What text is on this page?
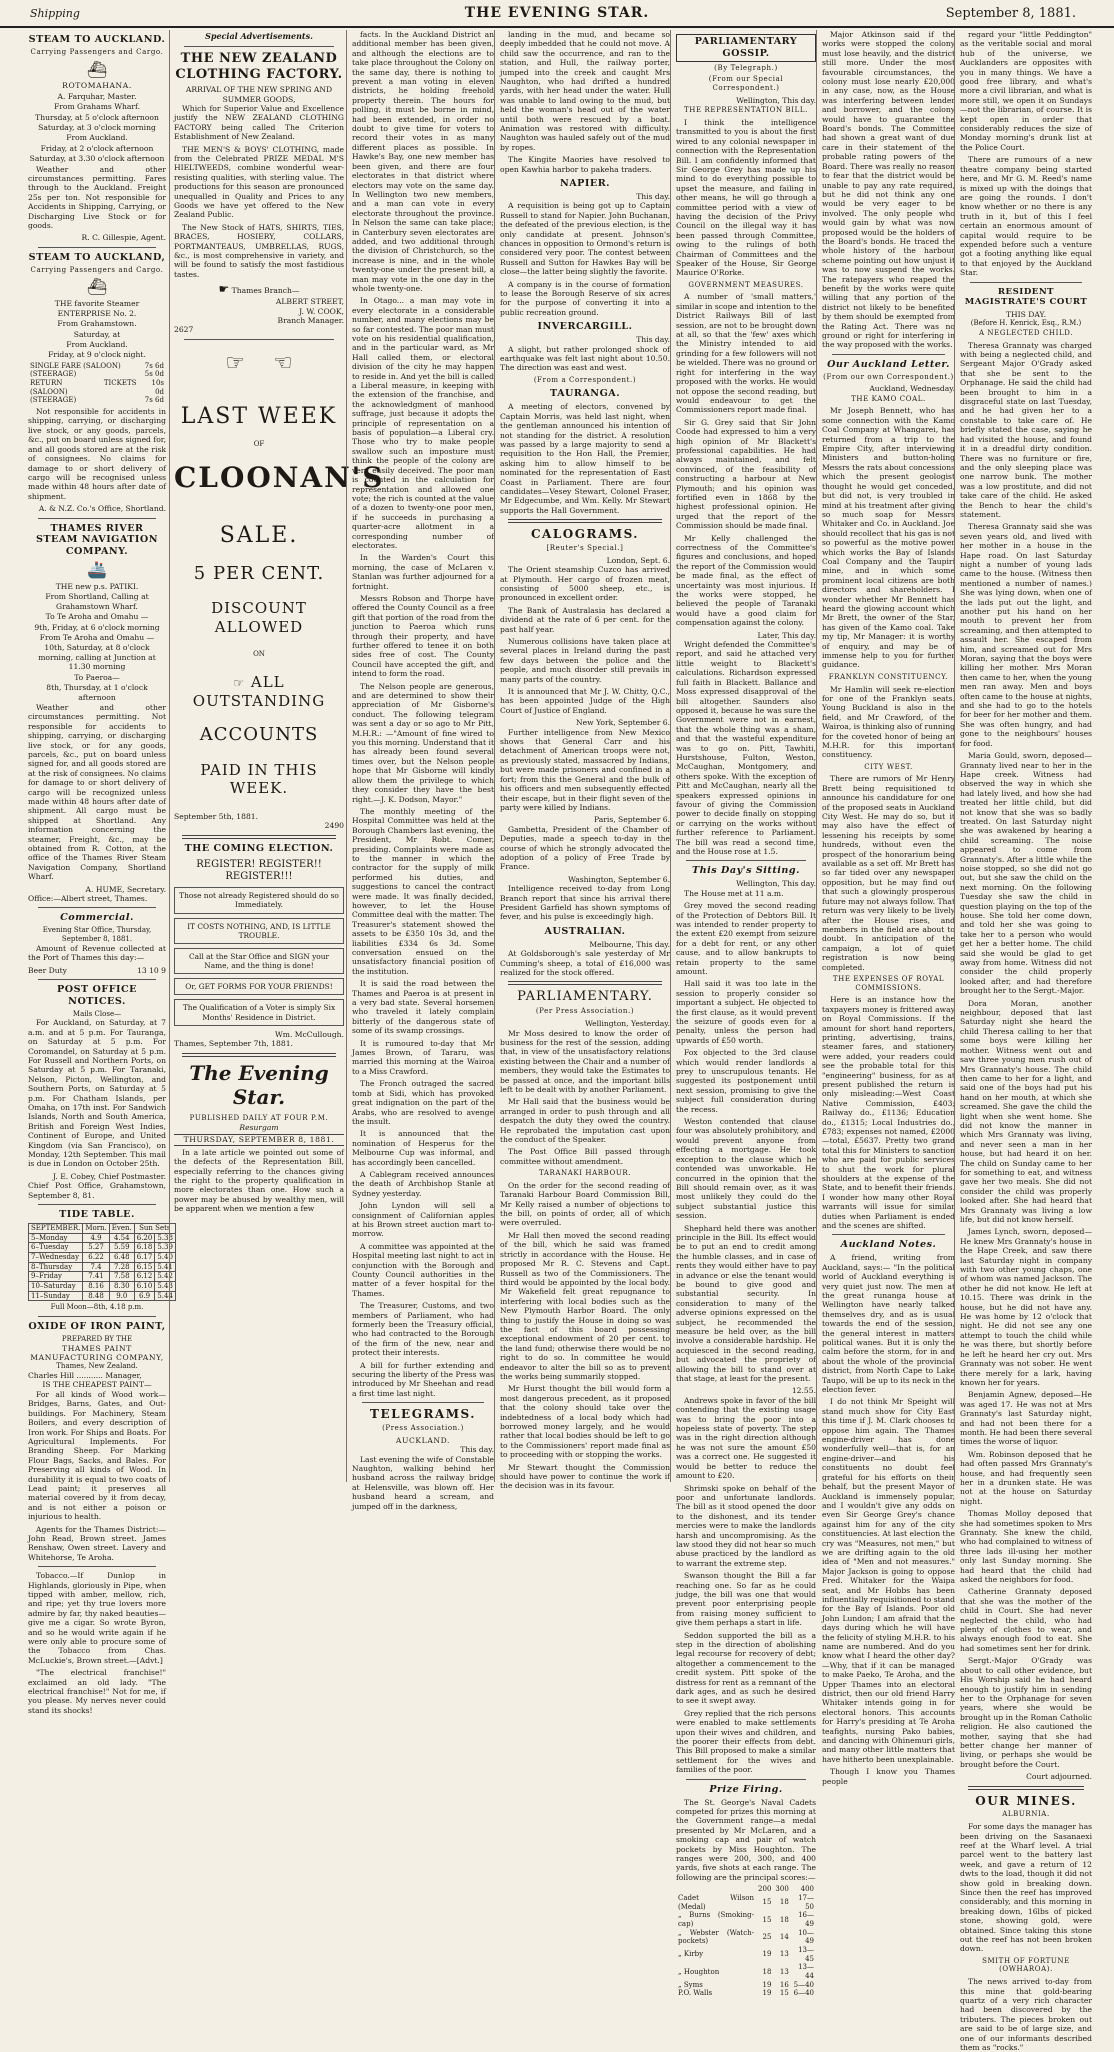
Shipping	THE EVENING STAR.	September 8, 1881.
STEAM TO AUCKLAND.
Carrying Passengers and Cargo.
⛴
ROTOMAHANA.
A. Farquhar, Master.
From Grahams Wharf.
Thursday, at 5 o'clock afternoon
Saturday, at 3 o'clock morning
From Auckland.
Friday, at 2 o'clock afternoon
Saturday, at 3.30 o'clock afternoon

Weather and other circumstances permitting. Fares through to the Auckland. Freight 25s per ton. Not responsible for Accidents in Shipping, Carrying, or Discharging Live Stock or for goods.

R. C. Gillespie, Agent.
STEAM TO AUCKLAND,
Carrying Passengers and Cargo.
⛴
THE favorite Steamer ENTERPRISE No. 2.
From Grahamstown.
Saturday, at
From Auckland.
Friday, at 9 o'clock night.
SINGLE FARE (SALOON)	7s 6d
(STEERAGE)	5s 0d
RETURN TICKETS (SALOON)	10s 0d
(STEERAGE)	7s 6d

Not responsible for accidents in shipping, carrying, or discharging live stock, or any goods, parcels, &c., put on board unless signed for, and all goods stored are at the risk of consignees. No claims for damage to or short delivery of cargo will be recognised unless made within 48 hours after date of shipment.

A. & N.Z. Co.'s Office, Shortland.
THAMES RIVER STEAM NAVIGATION COMPANY.
🚢
THE new p.s. PATIKI.
From Shortland, Calling at Grahamstown Wharf.
To Te Aroha and Omahu —
9th, Friday, at 6 o'clock morning
From Te Aroha and Omahu —
10th, Saturday, at 8 o'clock morning, calling at Junction at 11.30 morning
To Paeroa—
8th, Thursday, at 1 o'clock afternoon

Weather and other circumstances permitting. Not responsible for accidents to shipping, carrying, or discharging live stock, or for any goods, parcels, &c., put on board unless signed for, and all goods stored are at the risk of consignees. No claims for damage to or short delivery of cargo will be recognized unless made within 48 hours after date of shipment. All cargo must be shipped at Shortland. Any information concerning the steamer, Freight, &c., may be obtained from R. Cotton, at the office of the Thames River Steam Navigation Company, Shortland Wharf.

A. HUME, Secretary.
Office:—Albert street, Thames.
Commercial.
Evening Star Office, Thursday, September 8, 1881.

Amount of Revenue collected at the Port of Thames this day:—

Beer Duty	13 10 9
POST OFFICE NOTICES.
Mails Close—

For Auckland, on Saturday, at 7 a.m. and at 5 p.m. For Tauranga, on Saturday at 5 p.m. For Coromandel, on Saturday at 5 p.m. For Russell and Northern Ports, on Saturday at 5 p.m. For Taranaki, Nelson, Picton, Wellington, and Southern Ports, on Saturday at 5 p.m. For Chatham Islands, per Omaha, on 17th inst. For Sandwich Islands, North and South America, British and Foreign West Indies, Continent of Europe, and United Kingdom (via San Francisco), on Monday, 12th September. This mail is due in London on October 25th.

J. E. Cobey, Chief Postmaster.
Chief Post Office, Grahamstown, September 8, 81.
TIDE TABLE.
SEPTEMBER.	Morn.	Even.	Sun Sets	
5–Monday	4.9	4.54	6.20	5.38
6–Tuesday	5.27	5.59	6.18	5.39
7–Wednesday	6.22	6.48	6.17	5.40
8–Thursday	7.4	7.28	6.15	5.41
9–Friday	7.41	7.58	6.12	5.42
10–Saturday	8.16	8.30	6.10	5.43
11–Sunday	8.48	9.0	6.9	5.44
Full Moon—8th, 4.18 p.m.
OXIDE OF IRON PAINT,
PREPARED BY THE
THAMES PAINT MANUFACTURING COMPANY,
Thames, New Zealand.
Charles Hill ........... Manager,
IS THE CHEAPEST PAINT—

For all kinds of Wood work—Bridges, Barns, Gates, and Out-buildings. For Machinery, Steam Boilers, and every description of Iron work. For Ships and Boats. For Agricultural Implements. For Branding Sheep. For Marking Flour Bags, Sacks, and Bales. For Preserving all kinds of Wood. In durability it is equal to two coats of Lead paint; it preserves all material covered by it from decay, and is not either a poison or injurious to health.

Agents for the Thames District:— John Read, Brown street. James Renshaw, Owen street. Lavery and Whitehorse, Te Aroha.

Tobacco.—If Dunlop in Highlands, gloriously in Pipe, when tipped with amber, mellow, rich, and ripe; yet thy true lovers more admire by far, thy naked beauties—give me a cigar. So wrote Byron, and so he would write again if he were only able to procure some of the Tobacco from Chas. McLuckie's, Brown street.—[Advt.]

"The electrical franchise!" exclaimed an old lady. "The electrical franchise!" Not for me, if you please. My nerves never could stand its shocks!

Special Advertisements.
THE NEW ZEALAND CLOTHING FACTORY.
ARRIVAL OF THE NEW SPRING AND SUMMER GOODS,

Which for Superior Value and Excellence justify the NEW ZEALAND CLOTHING FACTORY being called The Criterion Establishment of New Zealand.

THE MEN'S & BOYS' CLOTHING, made from the Celebrated PRIZE MEDAL M'S HIELTWEEDS, combine wonderful wear-resisting qualities, with sterling value. The productions for this season are pronounced unequalled in Quality and Prices to any Goods we have yet offered to the New Zealand Public.

The New Stock of HATS, SHIRTS, TIES, BRACES, HOSIERY, COLLARS, PORTMANTEAUS, UMBRELLAS, RUGS, &c., is most comprehensive in variety, and will be found to satisfy the most fastidious tastes.

☛ Thames Branch—
ALBERT STREET,
J. W. COOK,
Branch Manager.
2627
☞    ☜
LAST WEEK
OF
CLOONAN'S
SALE.
5 PER CENT.
DISCOUNT ALLOWED
ON
☞ ALL OUTSTANDING
ACCOUNTS
PAID IN THIS WEEK.
September 5th, 1881.
2490
THE COMING ELECTION.
REGISTER! REGISTER!! REGISTER!!!
Those not already Registered should do so Immediately.
IT COSTS NOTHING, AND, IS LITTLE TROUBLE.
Call at the Star Office and SIGN your Name, and the thing is done!
Or, GET FORMS FOR YOUR FRIENDS!
The Qualification of a Voter is simply Six Months' Residence in District.
Wm. McCullough.
Thames, September 7th, 1881.
The Evening Star.
PUBLISHED DAILY AT FOUR P.M.
Resurgam
THURSDAY, SEPTEMBER 8, 1881.

In a late article we pointed out some of the defects of the Representation Bill, especially referring to the chances giving the right to the property qualification in more electorates than one. How such a power may be abused by wealthy men, will be apparent when we mention a few

facts. In the Auckland District an additional member has been given, and although the elections are to take place throughout the Colony on the same day, there is nothing to prevent a man voting in eleven districts, he holding freehold property therein. The hours for polling, it must be borne in mind, had been extended, in order no doubt to give time for voters to record their votes in as many different places as possible. In Hawke's Bay, one new member has been given, and there are four electorates in that district where electors may vote on the same day. In Wellington two new members, and a man can vote in every electorate throughout the province. In Nelson the same can take place; in Canterbury seven electorates are added, and two additional through the division of Christchurch, so the increase is nine, and in the whole twenty-one under the present bill, a man may vote in the one day in the whole twenty-one.

In Otago... a man may vote in every electorate in a considerable number, and many elections may be so far contested. The poor man must vote on his residential qualification, and in the particular ward, as Mr Hall called them, or electoral division of the city he may happen to reside in. And yet the bill is called a Liberal measure, in keeping with the extension of the franchise, and the acknowledgment of manhood suffrage, just because it adopts the principle of representation on a basis of population—a Liberal cry. Those who try to make people swallow such an imposture must think the people of the colony are very easily deceived. The poor man is counted in the calculation for representation and allowed one vote; the rich is counted at the value of a dozen to twenty-one poor men, if he succeeds in purchasing a quarter-acre allotment in a corresponding number of electorates.

In the Warden's Court this morning, the case of McLaren v. Stanlan was further adjourned for a fortnight.

Messrs Robson and Thorpe have offered the County Council as a free gift that portion of the road from the junction to Paeroa which runs through their property, and have further offered to tenee it on both sides free of cost. The County Council have accepted the gift, and intend to form the road.

The Nelson people are generous, and are determined to show their appreciation of Mr Gisborne's conduct. The following telegram was sent a day or so ago to Mr Pitt, M.H.R.: —"Amount of fine wired to you this morning. Understand that it has already been found several times over, but the Nelson people hope that Mr Gisborne will kindly allow them the privilege to which they consider they have the best right.—J. K. Dodson, Mayor."

The monthly meeting of the Hospital Committee was held at the Borough Chambers last evening, the President, Mr Robt. Comer, presiding. Complaints were made as to the manner in which the contractor for the supply of milk performed his duties, and suggestions to cancel the contract were made. It was finally decided, however, to let the House Committee deal with the matter. The Treasurer's statement showed the assets to be £350 10s 3d, and the liabilities £334 6s 3d. Some conversation ensued on the unsatisfactory financial position of the institution.

It is said the road between the Thames and Paeroa is at present in a very bad state. Several horsemen who traveled it lately complain bitterly of the dangerous state of some of its swamp crossings.

It is rumoured to-day that Mr James Brown, of Tararu, was married this morning at the Wairoa to a Miss Crawford.

The Fronch outraged the sacred tomb at Sidi, which has provoked great indignation on the part of the Arabs, who are resolved to avenge the insult.

It is announced that the nomination of Hesperus for the Melbourne Cup was informal, and has accordingly been cancelled.

A Cablegram received announces the death of Archbishop Stanle at Sydney yesterday.

John Lyndon will sell a consignment of Californian apples at his Brown street auction mart to-morrow.

A committee was appointed at the Hospital meeting last night to act in conjunction with the Borough and County Council authorities in the matter of a fever hospital for the Thames.

The Treasurer, Customs, and two members of Parliament, who had formerly been the Treasury official, who had contracted to the Borough of the firm of the new, near and protect their interests.

A bill for further extending and securing the liberty of the Press was introduced by Mr Sheehan and read a first time last night.

TELEGRAMS.
(Press Association.)
AUCKLAND.
This day.

Last evening the wife of Constable Naughton, walking behind her husband across the railway bridge at Helensville, was blown off. Her husband heard a scream, and jumped off in the darkness,

landing in the mud, and became so deeply imbedded that he could not move. A child saw the occurrence, and ran to the station, and Hull, the railway porter, jumped into the creek and caught Mrs Naughton, who had drifted a hundred yards, with her head under the water. Hull was unable to land owing to the mud, but held the woman's head out of the water until both were rescued by a boat. Animation was restored with difficulty. Naughton was hauled safely out of the mud by ropes.

The Kingite Maories have resolved to open Kawhia harbor to pakeha traders.

NAPIER.
This day.

A requisition is being got up to Captain Russell to stand for Napier. John Buchanan, the defeated of the previous election, is the only candidate at present. Johnson's chances in opposition to Ormond's return is considered very poor. The contest between Russell and Sutton for Hawkes Bay will be close—the latter being slightly the favorite.

A company is in the course of formation to lease the Borough Reserve of six acres for the purpose of converting it into a public recreation ground.

INVERCARGILL.
This day.

A slight, but rather prolonged shock of earthquake was felt last night about 10.50. The direction was east and west.

(From a Correspondent.)
TAURANGA.

A meeting of electors, convened by Captain Morris, was held last night, when the gentleman announced his intention of not standing for the district. A resolution was passed by a large majority to send a requisition to the Hon Hall, the Premier, asking him to allow himself to be nominated for the representation of East Coast in Parliament. There are four candidates—Vesey Stewart, Colonel Fraser, Mr Edgecumbe, and Wm. Kelly. Mr Stewart supports the Hall Government.

CALOGRAMS.
[Reuter's Special.]
London, Sept. 6.

The Orient steamship Cuzco has arrived at Plymouth. Her cargo of frozen meat, consisting of 5000 sheep, etc., is pronounced in excellent order.

The Bank of Australasia has declared a dividend at the rate of 6 per cent. for the past half year.

Numerous collisions have taken place at several places in Ireland during the past few days between the police and the people, and much disorder still prevails in many parts of the country.

It is announced that Mr J. W. Chitty, Q.C., has been appointed Judge of the High Court of Justice of England.

New York, September 6.

Further intelligence from New Mexico shows that General Carr and his detachment of American troops were not, as previously stated, massacred by Indians, but were made prisoners and confined in a fort; from this the General and the bulk of his officers and men subsequently effected their escape, but in their flight seven of the party were killed by Indians.

Paris, September 6.

Gambetta, President of the Chamber of Deputies, made a speech to-day in the course of which he strongly advocated the adoption of a policy of Free Trade by France.

Washington, September 6.

Intelligence received to-day from Long Branch report that since his arrival there President Garfield has shown symptoms of fever, and his pulse is exceedingly high.

AUSTRALIAN.
Melbourne, This day.

At Goldsborough's sale yesterday of Mr Cumming's sheep, a total of £16,000 was realized for the stock offered.

PARLIAMENTARY.
(Per Press Association.)
Wellington, Yesterday.

Mr Moss desired to know the order of business for the rest of the session, adding that, in view of the unsatisfactory relations existing between the Chair and a number of members, they would take the Estimates to be passed at once, and the important bills left to be dealt with by another Parliament.

Mr Hall said that the business would be arranged in order to push through and all despatch the duty they owed the country. He reprobated the imputation cast upon the conduct of the Speaker.

The Post Office Bill passed through committee without amendment.

TARANAKI HARBOUR.

On the order for the second reading of Taranaki Harbour Board Commission Bill, Mr Kelly raised a number of objections to the bill, on points of order, all of which were overruled.

Mr Hall then moved the second reading of the bill, which he said was framed strictly in accordance with the House. He proposed Mr R. C. Stevens and Capt. Russell as two of the Commissioners. The third would be appointed by the local body. Mr Wakefield felt great repugnance to interfering with local bodies such as the New Plymouth Harbor Board. The only thing to justify the House in doing so was the fact of this board possessing exceptional endowment of 20 per cent. to the land fund; otherwise there would be no right to do so. In committee he would endeavor to alter the bill so as to prevent the works being summarily stopped.

Mr Hurst thought the bill would form a most dangerous precedent, as it proposed that the colony should take over the indebtedness of a local body which had borrowed money largely, and he would rather that local bodies should be left to go to the Commissioners' report made final as to proceeding with or stopping the works.

Mr Stewart thought the Commission should have power to continue the work if the decision was in its favour.

PARLIAMENTARY GOSSIP.
(By Telegraph.)
(From our Special Correspondent.)
Wellington, This day.
THE REPRESENTATION BILL.

I think the intelligence transmitted to you is about the first wired to any colonial newspaper in connection with the Representation Bill. I am confidently informed that Sir George Grey has made up his mind to do everything possible to upset the measure, and failing in other means, he will go through a committee period with a view of having the decision of the Privy Council on the illegal way it has been passed through Committee, owing to the rulings of both Chairman of Committees and the Speaker of the House, Sir George Maurice O'Rorke.

GOVERNMENT MEASURES.

A number of 'small matters,' similar in scope and intention to the District Railways Bill of last session, are not to be brought down at all, so that the 'few' axes which the Ministry intended to aid grinding for a few followers will not be wielded. There was no ground or right for interfering in the way proposed with the works. He would not oppose the second reading, but would endeavour to get the Commissioners report made final.

Sir G. Grey said that Sir John Coode had expressed to him a very high opinion of Mr Blackett's professional capabilities. He had always maintained, and felt convinced, of the feasibility of constructing a harbour at New Plymouth; and his opinion was fortified even in 1868 by the highest professional opinion. He urged that the report of the Commission should be made final.

Mr Kelly challenged the correctness of the Committee's figures and conclusions, and hoped the report of the Commission would be made final, as the effect of uncertainty was most injurious. If the works were stopped, he believed the people of Taranaki would have a good claim for compensation against the colony.

Later, This day.

Wright defended the Committee's report, and said he attached very little weight to Blackett's calculations. Richardson expressed full faith in Blackett. Ballance and Moss expressed disapproval of the bill altogether. Saunders also opposed it, because he was sure the Government were not in earnest, that the whole thing was a sham, and that the wasteful expenditure was to go on. Pitt, Tawhiti, Hurstshouse, Fulton, Weston, McCaughan, Montgomery, and others spoke. With the exception of Pitt and McCaughan, nearly all the speakers expressed opinions in favour of giving the Commission power to decide finally on stopping or carrying on the works without further reference to Parliament. The bill was read a second time, and the House rose at 1.5.

This Day's Sitting.
Wellington, This day.

The House met at 11 a.m.

Grey moved the second reading of the Protection of Debtors Bill. It was intended to render property to the extent £20 exempt from seizure for a debt for rent, or any other cause, and to allow bankrupts to retain property to the same amount.

Hall said it was too late in the session to properly consider so important a subject. He objected to the first clause, as it would prevent the seizure of goods even for a penalty, unless the person had upwards of £50 worth.

Fox objected to the 3rd clause which would render landlords a prey to unscrupulous tenants. He suggested its postponement until next session, promising to give the subject full consideration during the recess.

Weston contended that clause four was absolutely prohibitory, and would prevent anyone from effecting a mortgage. He took exception to the clause which he contended was unworkable. He concurred in the opinion that the Bill should remain over, as it was most unlikely they could do the subject substantial justice this session.

Shephard held there was another principle in the Bill. Its effect would be to put an end to credit among the humble classes, and in case of rents they would either have to pay in advance or else the tenant would be bound to give good and substantial security. In consideration to many of the adverse opinions expressed on the subject, he recommended the measure be held over, as the bill involve a considerable hardship. He acquiesced in the second reading, but advocated the propriety of allowing the bill to stand over at that stage, at least for the present.

12.55.

Andrews spoke in favor of the bill contending that the existing usage was to bring the poor into a hopeless state of poverty. The step was in the right direction although he was not sure the amount £50 was a correct one. He suggested it would be better to reduce the amount to £20.

Shrimski spoke on behalf of the poor and unfortunate landlords. The bill as it stood opened the door to the dishonest, and its tender mercies were to make the landlords harsh and uncompromising. As the law stood they did not hear so much abuse practiced by the landlord as to warrant the extreme step.

Swanson thought the Bill a far reaching one. So far as he could judge, the bill was one that would prevent poor enterprising people from raising money sufficient to give them perhaps a start in life.

Seddon supported the bill as a step in the direction of abolishing legal recourse for recovery of debt; altogether a commencement to the credit system. Pitt spoke of the distress for rent as a remnant of the dark ages, and as such he desired to see it swept away.

Grey replied that the rich persons were enabled to make settlements upon their wives and children, and the poorer their effects from debt. This Bill proposed to make a similar settlement for the wives and families of the poor.

Prize Firing.

The St. George's Naval Cadets competed for prizes this morning at the Government range—a medal presented by Mr McLaren, and a smoking cap and pair of watch pockets by Miss Houghton. The ranges were 200, 300, and 400 yards, five shots at each range. The following are the principal scores:—

	200	300	400
Cadet Wilson (Medal)	15	18	17—50
„ Burns (Smoking-cap)	15	18	16—49
„ Webster (Watch-pockets)	25	14	10—49
„ Kirby	19	13	13—45
„ Houghton	18	13	13—44
„ Syms	19	16	5—40
P.O. Walls	19	15	6—40

Major Atkinson said if the works were stopped the colony must lose heavily, and the district still more. Under the most favourable circumstances, the colony must lose nearly £20,000 in any case, now, as the House was interfering between lender and borrower, and the colony would have to guarantee the Board's bonds. The Committee had shown a great want of due care in their statement of the probable rating powers of the Board. There was really no reason to fear that the district would be unable to pay any rate required, but he did not think any one would be very eager to be involved. The only people who would gain by what was now proposed would be the holders of the Board's bonds. He traced the whole history of the harbour scheme pointing out how unjust it was to now suspend the works. The ratepayers who reaped the benefit by the works were quite willing that any portion of the district not likely to be benefited by them should be exempted from the Rating Act. There was no ground or right for interfering in the way proposed with the works.

Our Auckland Letter.
(From our own Correspondent.)
Auckland, Wednesday.
THE KAMO COAL.

Mr Joseph Bennett, who has some connection with the Kamo Coal Company at Whangarei, has returned from a trip to the Empire City, after interviewing Ministers and button-holing Messrs the rats about concessions which the present geologist thought he would get conceded, but did not, is very troubled in mind at his treatment after giving so much soap for Messrs Whitaker and Co. in Auckland. Joe should recollect that his gas is not so powerful as the motive power which works the Bay of Islands Coal Company and the Taupiri mine, and in which some prominent local citizens are both directors and shareholders. I wonder whether Mr Bennett has heard the glowing account which Mr Brett, the owner of the Star, has given of the Kamo coal. Take my tip, Mr Manager: it is worthy of enquiry, and may be of immense help to you for further guidance.

FRANKLYN CONSTITUENCY.

Mr Hamlin will seek re-election for one of the Franklyn seats. Young Buckland is also in the field, and Mr Crawford, of the Wairoa, is thinking also of running for the coveted honor of being an M.H.R. for this important constituency.

CITY WEST.

There are rumors of Mr Henry Brett being requisitioned to announce his candidature for one of the proposed seats in Auckland City West. He may do so, but it may also have the effect of lessening his receipts by some hundreds, without even the prospect of the honorarium being available as a set off. Mr Brett has so far tided over any newspaper opposition, but he may find out that such a glowingly prosperous future may not always follow. That return was very likely to be lively after the House rises, and members in the field are about to doubt. In anticipation of the campaign, a lot of quiet registration is now being completed.

THE EXPENSES OF ROYAL COMMISSIONS.

Here is an instance how the taxpayers money is frittered away on Royal Commissions. If the amount for short hand reporters, printing, advertising, trains, steamer fares, and stationery were added, your readers could see the probable total for this "engineering" business, for as at present published the return is only misleading:—West Coast Native Commission, £403; Railway do., £1136; Education do., £1315; Local Industries do., £783; expenses not named, £2000—total, £5637. Pretty two grand total this for Ministers to sanction who are paid for public services to shut the work for plural shoulders at the expense of the State, and to benefit their friends. I wonder how many other Royal warrants will issue for similar duties when Parliament is ended and the scenes are shifted.

Auckland Notes.

A friend, writing from Auckland, says:— "In the political world of Auckland everything is very quiet just now. The men at the great runanga house at Wellington have nearly talked themselves dry, and as is usual towards the end of the session, the general interest in matters political wanes. But it is only the calm before the storm, for in and about the whole of the provincial district, from North Cape to Lake Taupo, will be up to its neck in the election fever.

I do not think Mr Speight will stand much show for City East this time if J. M. Clark chooses to oppose him again. The Thames engine-driver has done wonderfully well—that is, for an engine-driver—and his constituents no doubt feel grateful for his efforts on their behalf, but the present Mayor of Auckland is immensely popular, and I wouldn't give any odds on even Sir George Grey's chance against him for any of the city constituencies. At last election the cry was "Measures, not men," but we are drifting again to the old idea of "Men and not measures." Major Jackson is going to oppose Fred. Whitaker for the Waipa seat, and Mr Hobbs has been influentially requisitioned to stand for the Bay of Islands. Poor old John Lundon; I am afraid that the days during which he will have the felicity of styling M.H.R. to his name are numbered. And do you know what I heard the other day? —Why, that if it can be managed to make Paeko, Te Aroha, and the Upper Thames into an electoral district, then our old friend Harry Whitaker intends going in for electoral honors. This accounts for Harry's presiding at Te Aroha teafights, nursing Pako babies, and dancing with Ohinemuri girls, and many other little matters that have hitherto been unexplainable.

Though I know you Thames people

regard your "little Peddington" as the veritable social and moral hub of the universe, we Aucklanders are opposites with you in many things. We have a good free library, and what's more a civil librarian, and what is more still, we open it on Sundays—not the librarian, of course. It is kept open in order that considerably reduces the size of Monday morning's drunk list at the Police Court.

There are rumours of a new theatre company being started here, and Mr G. M. Reed's name is mixed up with the doings that are going the rounds. I don't know whether or no there is any truth in it, but of this I feel certain an enormous amount of capital would require to be expended before such a venture got a footing anything like equal to that enjoyed by the Auckland Star.

RESIDENT MAGISTRATE'S COURT
THIS DAY.
(Before H. Kenrick, Esq., R.M.)
A NEGLECTED CHILD.

Theresa Grannaty was charged with being a neglected child, and Sergeant Major O'Grady asked that she be sent to the Orphanage. He said the child had been brought to him in a disgraceful state on last Tuesday, and he had given her to a constable to take care of. He briefly stated the case, saying he had visited the house, and found it in a dreadful dirty condition. There was no furniture or fire, and the only sleeping place was one narrow bunk. The mother was a low prostitute, and did not take care of the child. He asked the Bench to hear the child's statement.

Theresa Grannaty said she was seven years old, and lived with her mother in a house in the Hape road. On last Saturday night a number of young lads came to the house. (Witness then mentioned a number of names.) She was lying down, when one of the lads put out the light, and another put his hand on her mouth to prevent her from screaming, and then attempted to assault her. She escaped from him, and screamed out for Mrs Moran, saying that the boys were killing her mother. Mrs Moran then came to her, when the young men ran away. Men and boys often came to the house at nights, and she had to go to the hotels for beer for her mother and them. She was often hungry, and had gone to the neighbours' houses for food.

Maria Gould, sworn, deposed—Grannaty lived near to her in the Hape creek. Witness had observed the way in which she had lately lived, and how she had treated her little child, but did not know that she was so badly treated. On last Saturday night she was awakened by hearing a child screaming. The noise appeared to come from Grannaty's. After a little while the noise stopped, so she did not go out, but she saw the child on the next morning. On the following Tuesday she saw the child in question playing on the top of the house. She told her come down, and told her she was going to take her to a person who would get her a better home. The child said she would be glad to get away from home. Witness did not consider the child properly looked after, and had therefore brought her to the Sergt.-Major.

Dora Moran, another neighbour, deposed that last Saturday night she heard the child Theresa calling to her that some boys were killing her mother. Witness went out and saw three young men rush out of Mrs Grannaty's house. The child then came to her for a light, and said one of the boys had put his hand on her mouth, at which she screamed. She gave the child the light when she went home. She did not know the manner in which Mrs Grannaty was living, and never seen a man in her house, but had heard it on her. The child on Sunday came to her for something to eat, and witness gave her two meals. She did not consider the child was properly looked after. She had heard that Mrs Grannaty was living a low life, but did not know herself.

James Lynch, sworn, deposed—He knew Mrs Grannaty's house in the Hape Creek, and saw there last Saturday night in company with two other young chaps, one of whom was named Jackson. The other he did not know. He left at 10.15. There was drink in the house, but he did not have any. He was home by 12 o'clock that night. He did not see any one attempt to touch the child while he was there, but shortly before he left he heard her cry out. Mrs Grannaty was not sober. He went there merely for a lark, having known her for years.

Benjamin Agnew, deposed—He was aged 17. He was not at Mrs Grannaty's last Saturday night, and had not been there for a month. He had been there several times the worse of liquor.

Wm. Robinson deposed that he had often passed Mrs Grannaty's house, and had frequently seen her in a drunken state. He was not at the house on Saturday night.

Thomas Molloy deposed that she had sometimes spoken to Mrs Grannaty. She knew the child, who had complained to witness of three lads ill-using her mother only last Sunday morning. She had heard that the child had asked the neighbors for food.

Catherine Grannaty deposed that she was the mother of the child in Court. She had never neglected the child, who had plenty of clothes to wear, and always enough food to eat. She had sometimes sent her for drink.

Sergt.-Major O'Grady was about to call other evidence, but His Worship said he had heard enough to justify him in sending her to the Orphanage for seven years, where she would be brought up in the Roman Catholic religion. He also cautioned the mother, saying that she had better change her manner of living, or perhaps she would be brought before the Court.

Court adjourned.
OUR MINES.
ALBURNIA.

For some days the manager has been driving on the Sasanaexi reef at the Wharf level. A trial parcel went to the battery last week, and gave a return of 12 dwts to the load, though it did not show gold in breaking down. Since then the reef has improved considerably, and this morning in breaking down, 16lbs of picked stone, showing gold, were obtained. Since taking this stone out the reef has not been broken down.

SMITH OF FORTUNE (OWHAROA).

The news arrived to-day from this mine that gold-bearing quartz of a very rich character had been discovered by the tributers. The pieces broken out are said to be of large size, and one of our informants described them as "rocks."
